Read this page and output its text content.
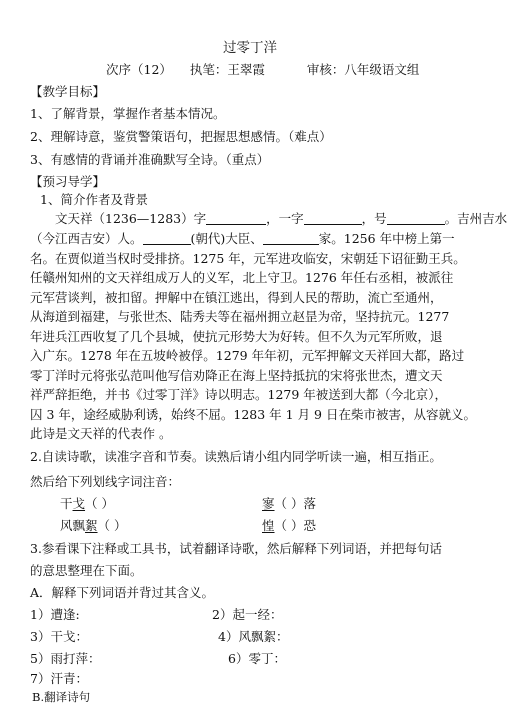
过零丁洋
次序（12） 执笔：王翠霞	审核：八年级语文组
【教学目标】
1、了解背景，掌握作者基本情况。
2、理解诗意，鉴赏警策语句，把握思想感情。（难点）
3、有感情的背诵并准确默写全诗。（重点）
【预习导学】
1、简介作者及背景
文天祥（1236—1283）字	，一字	，号	。吉州吉水
（今江西吉安）人。	(朝代)大臣、	家。1256 年中榜上第一
名。在贾似道当权时受排挤。1275 年，元军进攻临安，宋朝廷下诏征勤王兵。
任赣州知州的文天祥组成万人的义军，北上守卫。1276 年任右丞相，被派往
元军营谈判，被扣留。押解中在镇江逃出，得到人民的帮助，流亡至通州，
从海道到福建，与张世杰、陆秀夫等在福州拥立赵昰为帝，坚持抗元。1277
年进兵江西收复了几个县城，使抗元形势大为好转。但不久为元军所败，退
入广东。1278 年在五坡岭被俘。1279 年年初，元军押解文天祥回大都，路过
零丁洋时元将张弘范叫他写信劝降正在海上坚持抵抗的宋将张世杰，遭文天
祥严辞拒绝，并书《过零丁洋》诗以明志。1279 年被送到大都（今北京），
囚 3 年，途经威胁利诱，始终不屈。1283 年 1 月 9 日在柴市被害，从容就义。
此诗是文天祥的代表作 。
2.自读诗歌，读准字音和节奏。读熟后请小组内同学听读一遍，相互指正。
然后给下列划线字词注音：
干戈（ ）	寥（ ）落
风飘絮（ ）	惶（ ）恐
3.参看课下注释或工具书，试着翻译诗歌，然后解释下列词语，并把每句话
的意思整理在下面。
A．解释下列词语并背过其含义。
1）遭逢:	2）起一经：
3）干戈：	4）风飘絮：
5）雨打萍：	6）零丁：
7）汗青：
B.翻译诗句
